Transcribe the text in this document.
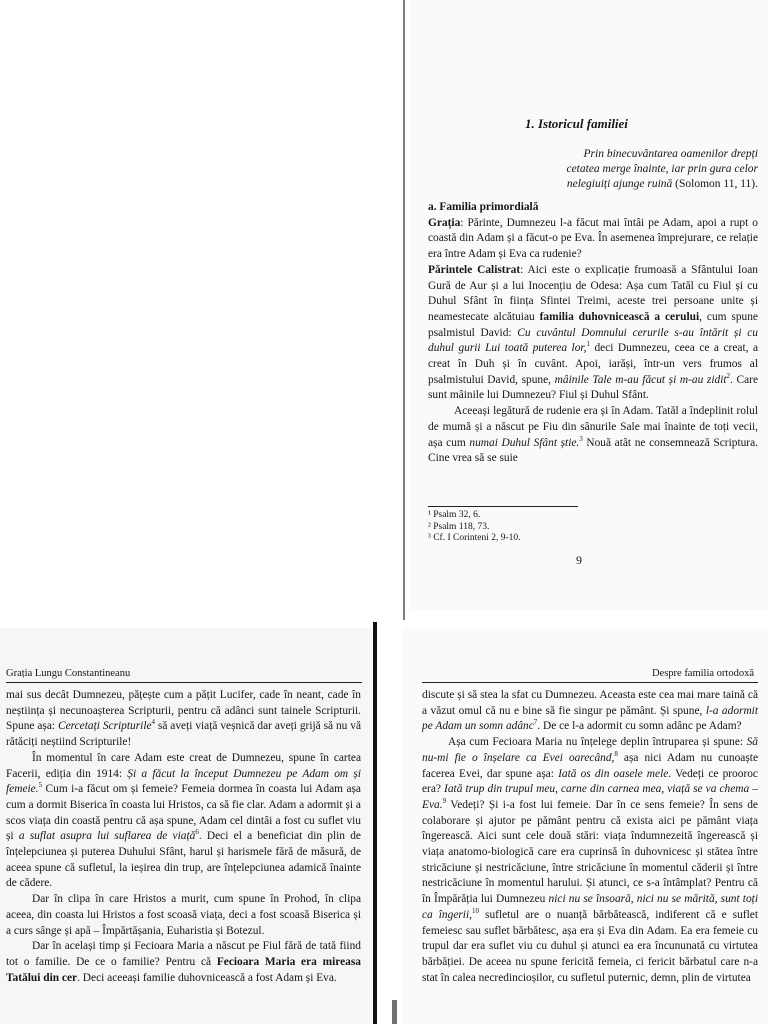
1. Istoricul familiei
Prin binecuvântarea oamenilor drepți
cetatea merge înainte, iar prin gura celor
nelegiuiți ajunge ruină (Solomon 11, 11).
a. Familia primordială

Grația: Părinte, Dumnezeu l-a făcut mai întâi pe Adam, apoi a rupt o coastă din Adam și a făcut-o pe Eva. În asemenea împrejurare, ce relație era între Adam și Eva ca rudenie?

Părintele Calistrat: Aici este o explicație frumoasă a Sfântului Ioan Gură de Aur și a lui Inocențiu de Odesa: Așa cum Tatăl cu Fiul și cu Duhul Sfânt în ființa Sfintei Treimi, aceste trei persoane unite și neamestecate alcătuiau familia duhovnicească a cerului, cum spune psalmistul David: Cu cuvântul Domnului cerurile s-au întărit și cu duhul gurii Lui toată puterea lor,$^1$ deci Dumnezeu, ceea ce a creat, a creat în Duh și în cuvânt. Apoi, iarăși, într-un vers frumos al psalmistului David, spune, mâinile Tale m-au făcut și m-au zidit$^2$. Care sunt mâinile lui Dumnezeu? Fiul și Duhul Sfânt.

Aceeași legătură de rudenie era și în Adam. Tatăl a îndeplinit rolul de mumă și a născut pe Fiu din sânurile Sale mai înainte de toți vecii, așa cum numai Duhul Sfânt știe.$^3$ Nouă atât ne consemnează Scriptura. Cine vrea să se suie

¹ Psalm 32, 6.
² Psalm 118, 73.
³ Cf. I Corinteni 2, 9-10.
9
Grația Lungu Constantineanu

mai sus decât Dumnezeu, pățește cum a pățit Lucifer, cade în neant, cade în neștiința și necunoașterea Scripturii, pentru că adânci sunt tainele Scripturii. Spune așa: Cercetați Scripturile$^4$ să aveți viață veșnică dar aveți grijă să nu vă rătăciți neștiind Scripturile!

În momentul în care Adam este creat de Dumnezeu, spune în cartea Facerii, ediția din 1914: Și a făcut la început Dumnezeu pe Adam om și femeie.$^5$ Cum i-a făcut om și femeie? Femeia dormea în coasta lui Adam așa cum a dormit Biserica în coasta lui Hristos, ca să fie clar. Adam a adormit și a scos viața din coastă pentru că așa spune, Adam cel dintâi a fost cu suflet viu și a suflat asupra lui suflarea de viață$^6$. Deci el a beneficiat din plin de înțelepciunea și puterea Duhului Sfânt, harul și harismele fără de măsură, de aceea spune că sufletul, la ieșirea din trup, are înțelepciunea adamică înainte de cădere.

Dar în clipa în care Hristos a murit, cum spune în Prohod, în clipa aceea, din coasta lui Hristos a fost scoasă viața, deci a fost scoasă Biserica și a curs sânge și apă – Împărtășania, Euharistia și Botezul.

Dar în același timp și Fecioara Maria a născut pe Fiul fără de tată fiind tot o familie. De ce o familie? Pentru că Fecioara Maria era mireasa Tatălui din cer. Deci aceeași familie duhovnicească a fost Adam și Eva.

Despre familia ortodoxă

discute și să stea la sfat cu Dumnezeu. Aceasta este cea mai mare taină că a văzut omul că nu e bine să fie singur pe pământ. Și spune, l-a adormit pe Adam un somn adânc$^7$. De ce l-a adormit cu somn adânc pe Adam?

Așa cum Fecioara Maria nu înțelege deplin întruparea și spune: Să nu-mi fie o înșelare ca Evei oarecând,$^8$ așa nici Adam nu cunoaște facerea Evei, dar spune așa: Iată os din oasele mele. Vedeți ce prooroc era? Iată trup din trupul meu, carne din carnea mea, viață se va chema – Eva.$^9$ Vedeți? Și i-a fost lui femeie. Dar în ce sens femeie? În sens de colaborare și ajutor pe pământ pentru că exista aici pe pământ viața îngerească. Aici sunt cele două stări: viața îndumnezeită îngerească și viața anatomo-biologică care era cuprinsă în duhovnicesc și stătea între stricăciune și nestricăciune, între stricăciune în momentul căderii și între nestricăciune în momentul harului. Și atunci, ce s-a întâmplat? Pentru că în Împărăția lui Dumnezeu nici nu se însoară, nici nu se mărită, sunt toți ca îngerii,$^{10}$ sufletul are o nuanță bărbătească, indiferent că e suflet femeiesc sau suflet bărbătesc, așa era și Eva din Adam. Ea era femeie cu trupul dar era suflet viu cu duhul și atunci ea era încununată cu virtutea bărbăției. De aceea nu spune fericită femeia, ci fericit bărbatul care n-a stat în calea necredincioșilor, cu sufletul puternic, demn, plin de virtutea
